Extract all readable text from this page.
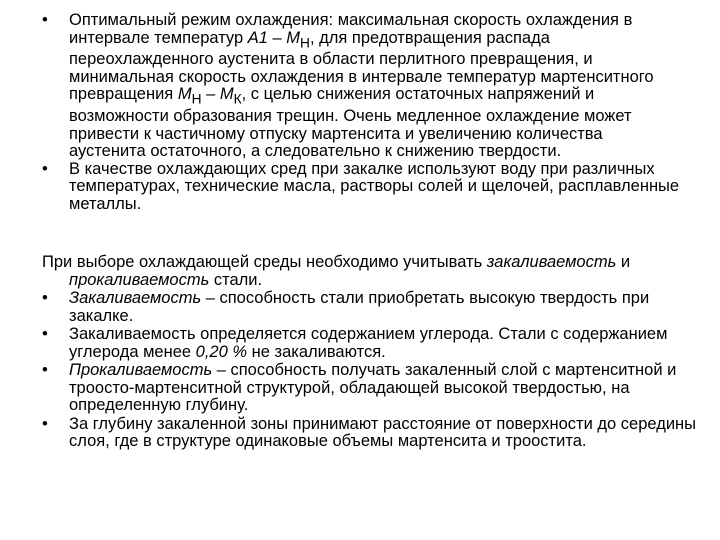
• Оптимальный режим охлаждения: максимальная скорость охлаждения в интервале температур $А1 - М_Н$, для предотвращения распада переохлажденного аустенита в области перлитного превращения, и минимальная скорость охлаждения в интервале температур мартенситного превращения $М_Н - М_К$, с целью снижения остаточных напряжений и возможности образования трещин. Очень медленное охлаждение может привести к частичному отпуску мартенсита и увеличению количества аустенита остаточного, а следовательно к снижению твердости.
• В качестве охлаждающих сред при закалке используют воду при различных температурах, технические масла, растворы солей и щелочей, расплавленные металлы.

При выборе охлаждающей среды необходимо учитывать закаливаемость и прокаливаемость стали.

• Закаливаемость – способность стали приобретать высокую твердость при закалке.
• Закаливаемость определяется содержанием углерода. Стали с содержанием углерода менее 0,20 % не закаливаются.
• Прокаливаемость – способность получать закаленный слой с мартенситной и троосто-мартенситной структурой, обладающей высокой твердостью, на определенную глубину.
• За глубину закаленной зоны принимают расстояние от поверхности до середины слоя, где в структуре одинаковые объемы мартенсита и троостита.
